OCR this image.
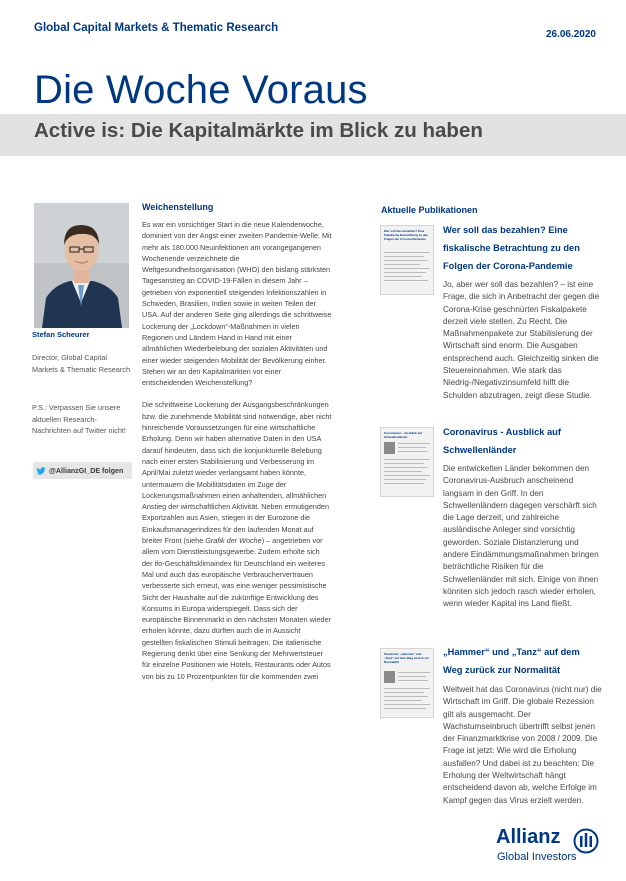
Global Capital Markets & Thematic Research
26.06.2020
Die Woche Voraus
Active is: Die Kapitalmärkte im Blick zu haben
Stefan Scheurer
Director, Global Capital Markets & Thematic Research
P.S.: Verpassen Sie unsere aktuellen Research-Nachrichten auf Twitter nicht!
@AllianzGI_DE folgen
Weichenstellung

Es war ein vorsichtiger Start in die neue Kalenderwoche, dominiert von der Angst einer zweiten Pandemie-Welle. Mit mehr als 180.000 Neuinfektionen am vorangegangenen Wochenende verzeichnete die Weltgesundheitsorganisation (WHO) den bislang stärksten Tagesanstieg an COVID-19-Fällen in diesem Jahr – getrieben von exponentiell steigenden Infektionszahlen in Schweden, Brasilien, Indien sowie in weiten Teilen der USA. Auf der anderen Seite ging allerdings die schrittweise Lockerung der „Lockdown“-Maßnahmen in vielen Regionen und Ländern Hand in Hand mit einer allmählichen Wiederbelebung der sozialen Aktivitäten und einer wieder steigenden Mobilität der Bevölkerung einher. Stehen wir an den Kapitalmärkten vor einer entscheidenden Weichenstellung?

Die schrittweise Lockerung der Ausgangsbeschränkungen bzw. die zunehmende Mobilität sind notwendige, aber nicht hinreichende Voraussetzungen für eine wirtschaftliche Erholung. Denn wir haben alternative Daten in den USA darauf hindeuten, dass sich die konjunkturelle Belebung nach einer ersten Stabilisierung und Verbesserung im April/Mai zuletzt wieder verlangsamt haben könnte, untermauern die Mobilitätsdaten im Zuge der Lockerungsmaßnahmen einen anhaltenden, allmählichen Anstieg der wirtschaftlichen Aktivität. Neben ermutigenden Exportzahlen aus Asien, stiegen in der Eurozone die Einkaufsmanagerindizes für den laufenden Monat auf breiter Front (siehe Grafik der Woche) – angetrieben vor allem vom Dienstleistungsgewerbe. Zudem erholte sich der ifo-Geschäftsklimaindex für Deutschland ein weiteres Mal und auch das europäische Verbrauchervertrauen verbesserte sich erneut, was eine weniger pessimistische Sicht der Haushalte auf die zukünftige Entwicklung des Konsums in Europa widerspiegelt. Dass sich der europäische Binnenmarkt in den nächsten Monaten wieder erholen könnte, dazu dürften auch die in Aussicht gestellten fiskalischen Stimuli beitragen. Die italienische Regierung denkt über eine Senkung der Mehrwertsteuer für einzelne Positionen wie Hotels, Restaurants oder Autos von bis zu 10 Prozentpunkten für die kommenden zwei

Aktuelle Publikationen
Wer soll das bezahlen? Eine fiskalische Betrachtung zu den Folgen der Corona-Pandemie
Wer soll das bezahlen? Eine fiskalische Betrachtung zu den Folgen der Corona-Pandemie
Jo, aber wer soll das bezahlen? – ist eine Frage, die sich in Anbetracht der gegen die Corona-Krise geschnürten Fiskalpakete derzeit viele stellen. Zu Recht. Die Maßnahmenpakete zur Stabilisierung der Wirtschaft sind enorm. Die Ausgaben entsprechend auch. Gleichzeitig sinken die Steuereinnahmen. Wie stark das Niedrig-/Negativzinsumfeld hilft die Schulden abzutragen, zeigt diese Studie.
Coronavirus - Ausblick auf Schwellenländer	Coronavirus - Ausblick auf Schwellenländer
Die entwickelten Länder bekommen den Coronavirus-Ausbruch anscheinend langsam in den Griff. In den Schwellenländern dagegen verschärft sich die Lage derzeit, und zahlreiche ausländische Anleger sind vorsichtig geworden. Soziale Distanzierung und andere Eindämmungsmaßnahmen bringen beträchtliche Risiken für die Schwellenländer mit sich. Einige von ihnen könnten sich jedoch rasch wieder erholen, wenn wieder Kapital ins Land fließt.
Pandemie: „Hammer“ und „Tanz“ auf dem Weg zurück zur Normalität
„Hammer“ und „Tanz“ auf dem Weg zurück zur Normalität
Weltweit hat das Coronavirus (nicht nur) die Wirtschaft im Griff. Die globale Rezession gilt als ausgemacht. Der Wachstumseinbruch übertrifft selbst jenen der Finanzmarktkrise von 2008 / 2009. Die Frage ist jetzt: Wie wird die Erholung ausfallen? Und dabei ist zu beachten: Die Erholung der Weltwirtschaft hängt entscheidend davon ab, welche Erfolge im Kampf gegen das Virus erzielt werden.
Allianz
Global Investors
